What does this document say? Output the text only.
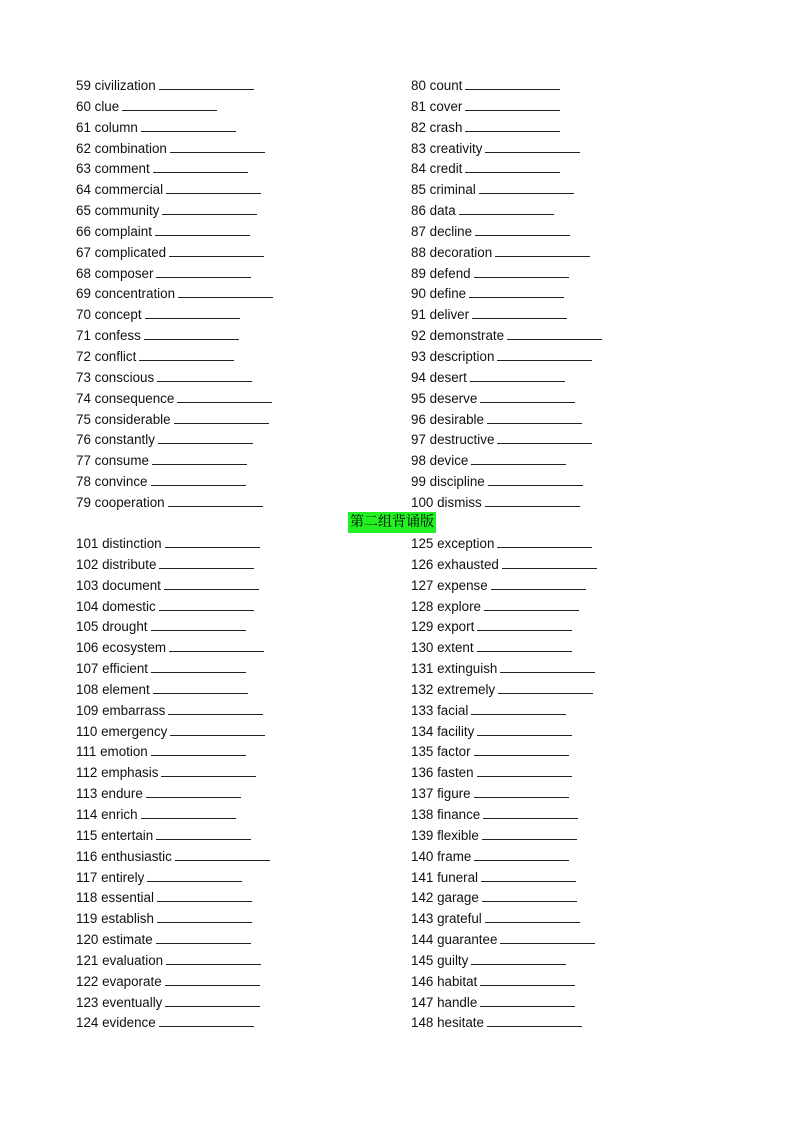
59 civilization
60 clue
61 column
62 combination
63 comment
64 commercial
65 community
66 complaint
67 complicated
68 composer
69 concentration
70 concept
71 confess
72 conflict
73 conscious
74 consequence
75 considerable
76 constantly
77 consume
78 convince
79 cooperation
80 count
81 cover
82 crash
83 creativity
84 credit
85 criminal
86 data
87 decline
88 decoration
89 defend
90 define
91 deliver
92 demonstrate
93 description
94 desert
95 deserve
96 desirable
97 destructive
98 device
99 discipline
100 dismiss
第二组背诵版
101 distinction
102 distribute
103 document
104 domestic
105 drought
106 ecosystem
107 efficient
108 element
109 embarrass
110 emergency
111 emotion
112 emphasis
113 endure
114 enrich
115 entertain
116 enthusiastic
117 entirely
118 essential
119 establish
120 estimate
121 evaluation
122 evaporate
123 eventually
124 evidence
125 exception
126 exhausted
127 expense
128 explore
129 export
130 extent
131 extinguish
132 extremely
133 facial
134 facility
135 factor
136 fasten
137 figure
138 finance
139 flexible
140 frame
141 funeral
142 garage
143 grateful
144 guarantee
145 guilty
146 habitat
147 handle
148 hesitate
